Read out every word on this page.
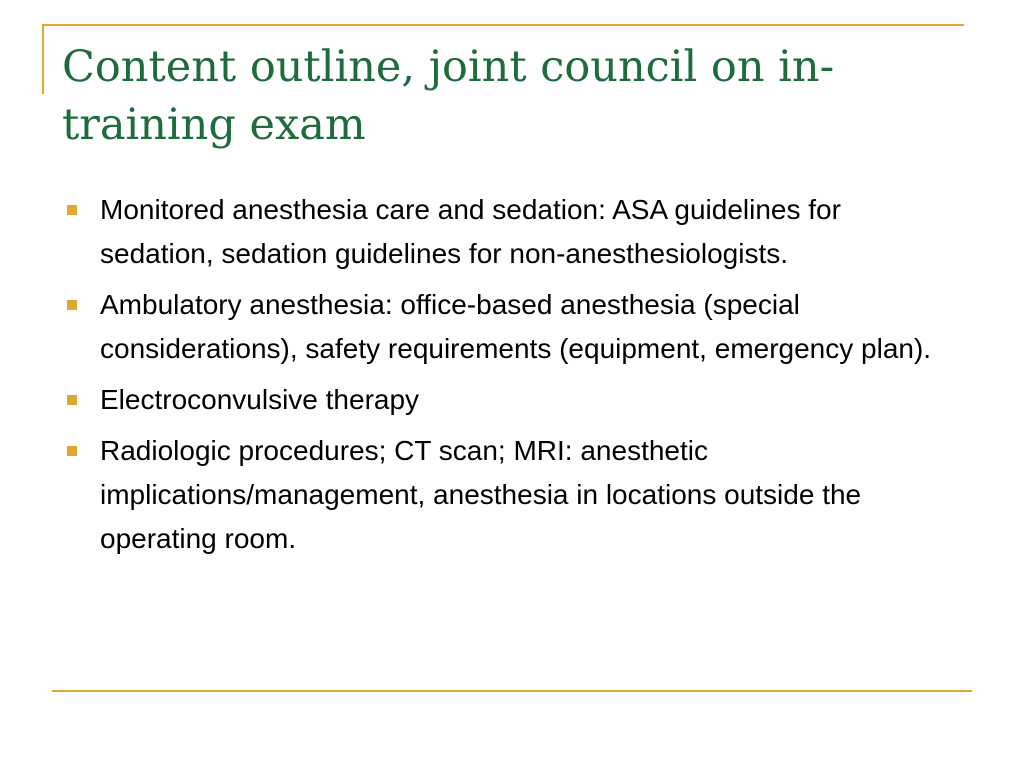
Content outline, joint council on in-training exam
Monitored anesthesia care and sedation: ASA guidelines for sedation, sedation guidelines for non-anesthesiologists.
Ambulatory anesthesia: office-based anesthesia (special considerations), safety requirements (equipment, emergency plan).
Electroconvulsive therapy
Radiologic procedures; CT scan; MRI: anesthetic implications/management, anesthesia in locations outside the operating room.
